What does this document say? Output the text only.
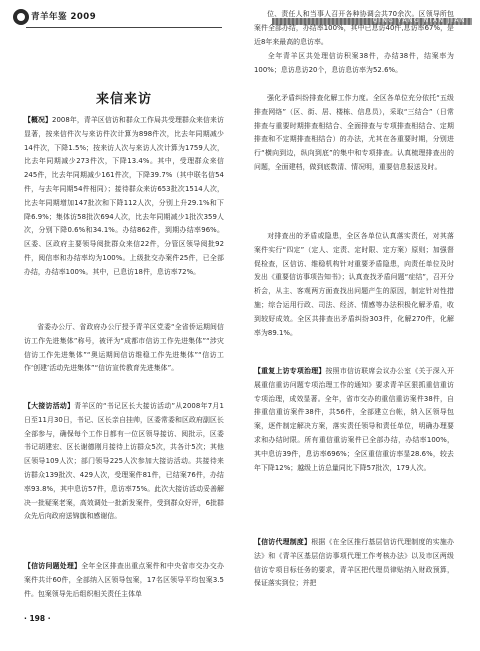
青羊年鉴 2009	QING YANG NIAN JIAN
来信来访
【概况】2008年，青羊区信访和群众工作局共受理群众来信来访显著，按来信件次与来访件次计算为898件次，比去年同期减少14件次，下降1.5%；按来访人次与来访人次计算为1759人次，比去年同期减少273件次，下降13.4%。其中，受理群众来信245件，比去年同期减少161件次，下降39.7%（其中联名信54件，与去年同期54件相同）；接待群众来访653批次1514人次，比去年同期增加147批次和下降112人次，分别上升29.1%和下降6.9%；集体访58批次694人次，比去年同期减少1批次359人次，分别下降0.6%和34.1%。办结862件，到期办结率96%。区委、区政府主要领导阅批群众来信22件，分管区领导阅批92件，阅信率和办结率均为100%。上级批交办案件25件，已全部办结，办结率100%。其中，已息访18件，息访率72%。
省委办公厅、省政府办公厅授予青羊区党委“全省侨运期间信访工作先进集体”称号，被评为“成都市信访工作先进集体”“涉灾信访工作先进集体”“奥运期间信访维稳工作先进集体”“信访工作‘创建’活动先进集体”“信访宣传教育先进集体”。
【大接访活动】青羊区的“书记区长大接访活动”从2008年7月1日至11月30日，书记、区长亲自挂帅，区委常委和区政府副区长全部参与，确保每个工作日都有一位区领导接访、阅批示，区委书记胡建宏、区长谢德刚月接待上访群众5次，共各计5次；其他区领导109人次；部门领导225人次参加大接访活动。共接待来访群众139批次、429人次，受理案件81件，已结案76件，办结率93.8%，其中息访57件，息访率75%。此次大接访活动妥善解决一批疑案老案，高效调处一批新发案件，受到群众好评，6批群众先后向政府送锦旗和感谢信。
【信访问题处理】全年全区排查出重点案件和中央省市交办交办案件共计60件，全部纳入区领导包案，17名区领导平均包案3.5件。包案领导先后组织相关责任主体单
位、责任人和当事人召开各种协调会共70余次。区领导所包案件全部办结，办结率100%，其中已息访40件,息访率67%，是近8年来最高的息访率。
全年青羊区共处理信访积案38件，办结38件，结案率为100%；息访息访20个，息访息访率为52.6%。
强化矛盾纠纷排查化解工作力度。全区各单位充分依托“五级排查网络”（区、街、居、楼栋、信息员），采取“三结合”（日常排查与重要时期排查相结合、全面排查与专项排查相结合、定期排查和不定期排查相结合）的办法，尤其在各重要时期，分别进行“横向到边，纵向到底”的集中和专项排查。认真梳理排查出的问题，全面建档，做到底数清、情况明，重要信息报送及时。
对排查出的矛盾或隐患，全区各单位认真落实责任，对其落案件实行“四定”（定人、定责、定时限、定方案）原则；加强督促检查，区信访、维稳机构针对重要矛盾隐患，向责任单位及时发出《重要信访事项告知书》；认真查找矛盾问题“症结”，召开分析会，从主、客观两方面查找出问题产生的原因，制定针对性措施；综合运用行政、司法、经济、情感等办法积极化解矛盾，收到较好成效。全区共排查出矛盾纠纷303件，化解270件，化解率为89.1%。
【重复上访专项治理】按照市信访联席会议办公室《关于深入开展重信重访问题专项治理工作的通知》要求青羊区狠抓重信重访专项治理，成效显著。全年，省市交办的重信重访案件38件，自排重信重访案件38件，共56件，全部建立台帐，纳入区领导包案，逐件制定解决方案，落实责任领导和责任单位，明确办理要求和办结时限。所有重信重访案件已全部办结，办结率100%，其中息访39件，息访率696%；全区重信重访率显28.6%，较去年下降12%；越级上访总量同比下降57批次，179人次。
【信访代理制度】根据《在全区推行基层信访代理制度的实施办法》和《青羊区基层信访事项代理工作考核办法》以及市区两级信访专项目标任务的要求，青羊区把代理员律贴纳入财政预算，保证落实到位；并把
· 198 ·
